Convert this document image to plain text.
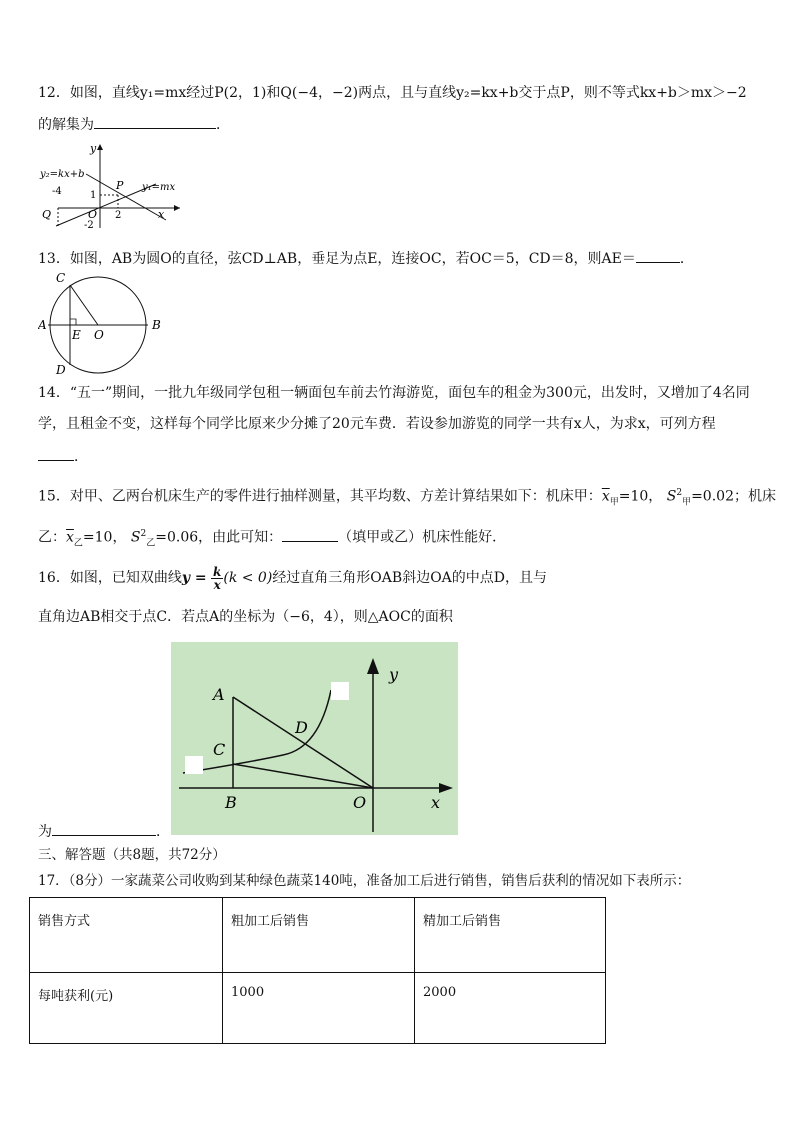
12．如图，直线y₁=mx经过P(2，1)和Q(−4，−2)两点，且与直线y₂=kx+b交于点P，则不等式kx+b＞mx＞−2
的解集为	．
y
x
y₂=kx+b
y₁=mx
P
Q	O
-4	1
2
-2
13．如图，AB为圆O的直径，弦CD⊥AB，垂足为点E，连接OC，若OC＝5，CD＝8，则AE＝	．
A	B
C
D
E O
14．“五一”期间，一批九年级同学包租一辆面包车前去竹海游览，面包车的租金为300元，出发时，又增加了4名同
学，且租金不变，这样每个同学比原来少分摊了20元车费．若设参加游览的同学一共有x人，为求x，可列方程
．
15．对甲、乙两台机床生产的零件进行抽样测量，其平均数、方差计算结果如下：机床甲：$\overline{x}_甲=10$， $S^2_甲=0.02$；机床
乙：$\overline{x}_乙=10$， $S^2_乙=0.06$，由此可知：	（填甲或乙）机床性能好．
16．如图，已知双曲线$y = \frac{k}{x} (k < 0)$经过直角三角形OAB斜边OA的中点D，且与
直角边AB相交于点C．若点A的坐标为（−6，4），则△AOC的面积
A
C
B
D
O	x
y
为	．
三、解答题（共8题，共72分）
17．（8分）一家蔬菜公司收购到某种绿色蔬菜140吨，准备加工后进行销售，销售后获利的情况如下表所示：
销售方式	粗加工后销售	精加工后销售
每吨获利(元)	1000	2000
